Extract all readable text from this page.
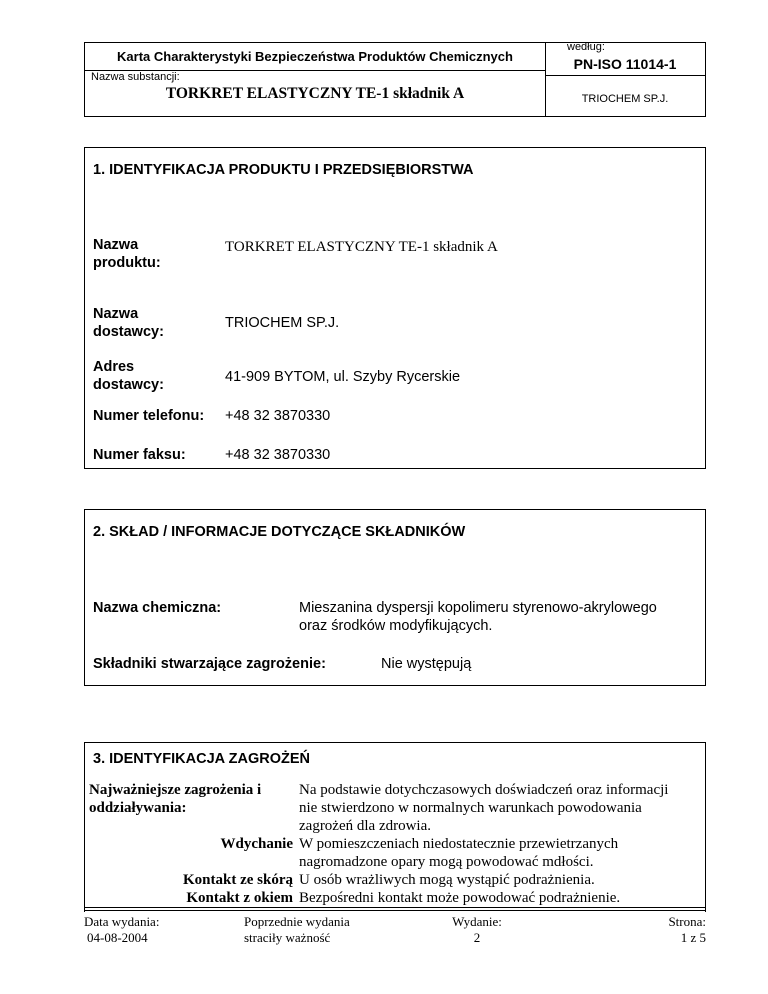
Karta Charakterystyki Bezpieczeństwa Produktów Chemicznych
Nazwa substancji:
TORKRET ELASTYCZNY TE-1 składnik A
według:
PN-ISO 11014-1
TRIOCHEM SP.J.
1. IDENTYFIKACJA PRODUKTU I PRZEDSIĘBIORSTWA
Nazwa
produktu:
TORKRET ELASTYCZNY TE-1 składnik A
Nazwa
dostawcy:
TRIOCHEM SP.J.
Adres
dostawcy:	41-909 BYTOM, ul. Szyby Rycerskie
Numer telefonu: +48 32 3870330
Numer faksu:	+48 32 3870330
2. SKŁAD / INFORMACJE DOTYCZĄCE SKŁADNIKÓW
Nazwa chemiczna:	Mieszanina dyspersji kopolimeru styrenowo-akrylowego
oraz środków modyfikujących.
Składniki stwarzające zagrożenie:	Nie występują
3. IDENTYFIKACJA ZAGROŻEŃ
Najważniejsze zagrożenia i
oddziaływania:
Na podstawie dotychczasowych doświadczeń oraz informacji
nie stwierdzono w normalnych warunkach powodowania
zagrożeń dla zdrowia.
Wdychanie W pomieszczeniach niedostatecznie przewietrzanych
nagromadzone opary mogą powodować mdłości.
Kontakt ze skórą U osób wrażliwych mogą wystąpić podrażnienia.
Kontakt z okiem Bezpośredni kontakt może powodować podrażnienie.
Data wydania:
04-08-2004
Poprzednie wydania
straciły ważność
Wydanie:
2
Strona:
1 z 5
